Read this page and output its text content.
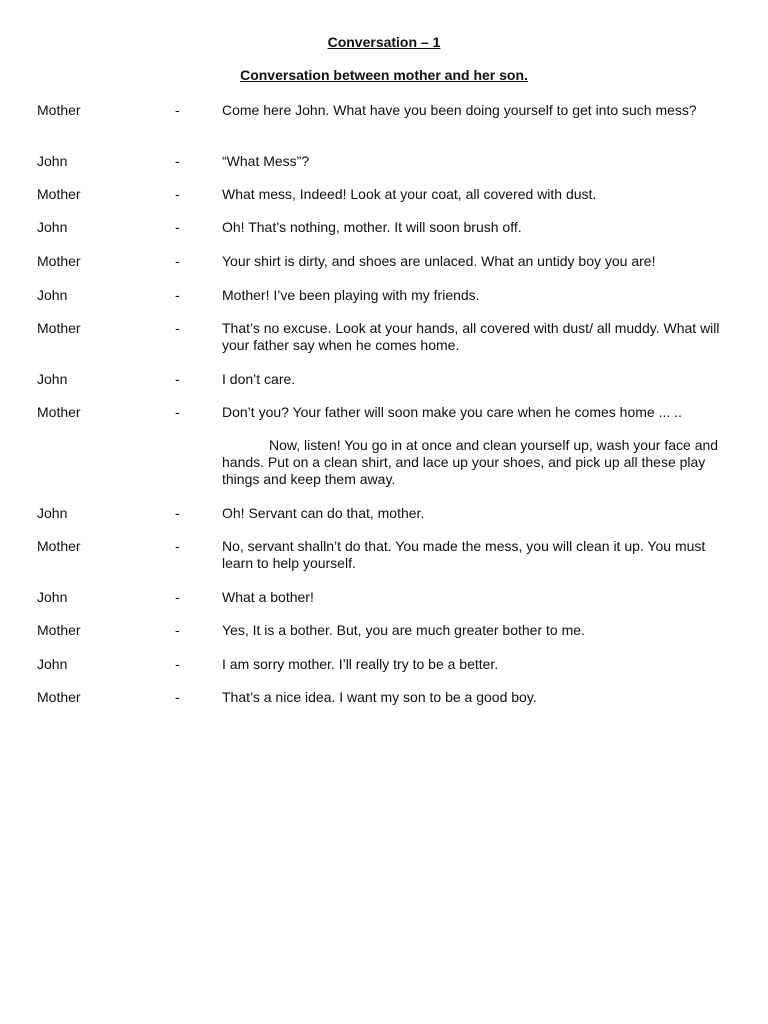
Conversation – 1
Conversation between mother and her son.
Mother	-	Come here John. What have you been doing yourself to get into such mess?
John	-	“What Mess”?
Mother	-	What mess, Indeed! Look at your coat, all covered with dust.
John	-	Oh! That’s nothing, mother. It will soon brush off.
Mother	-	Your shirt is dirty, and shoes are unlaced. What an untidy boy you are!
John	-	Mother! I’ve been playing with my friends.
Mother	-	That’s no excuse. Look at your hands, all covered with dust/ all muddy. What will your father say when he comes home.
John	-	I don’t care.
Mother	-	Don’t you? Your father will soon make you care when he comes home ... ..
Now, listen! You go in at once and clean yourself up, wash your face and hands. Put on a clean shirt, and lace up your shoes, and pick up all these play things and keep them away.
John	-	Oh! Servant can do that, mother.
Mother	-	No, servant shalln’t do that. You made the mess, you will clean it up. You must learn to help yourself.
John	-	What a bother!
Mother	-	Yes, It is a bother. But, you are much greater bother to me.
John	-	I am sorry mother. I’ll really try to be a better.
Mother	-	That’s a nice idea. I want my son to be a good boy.
